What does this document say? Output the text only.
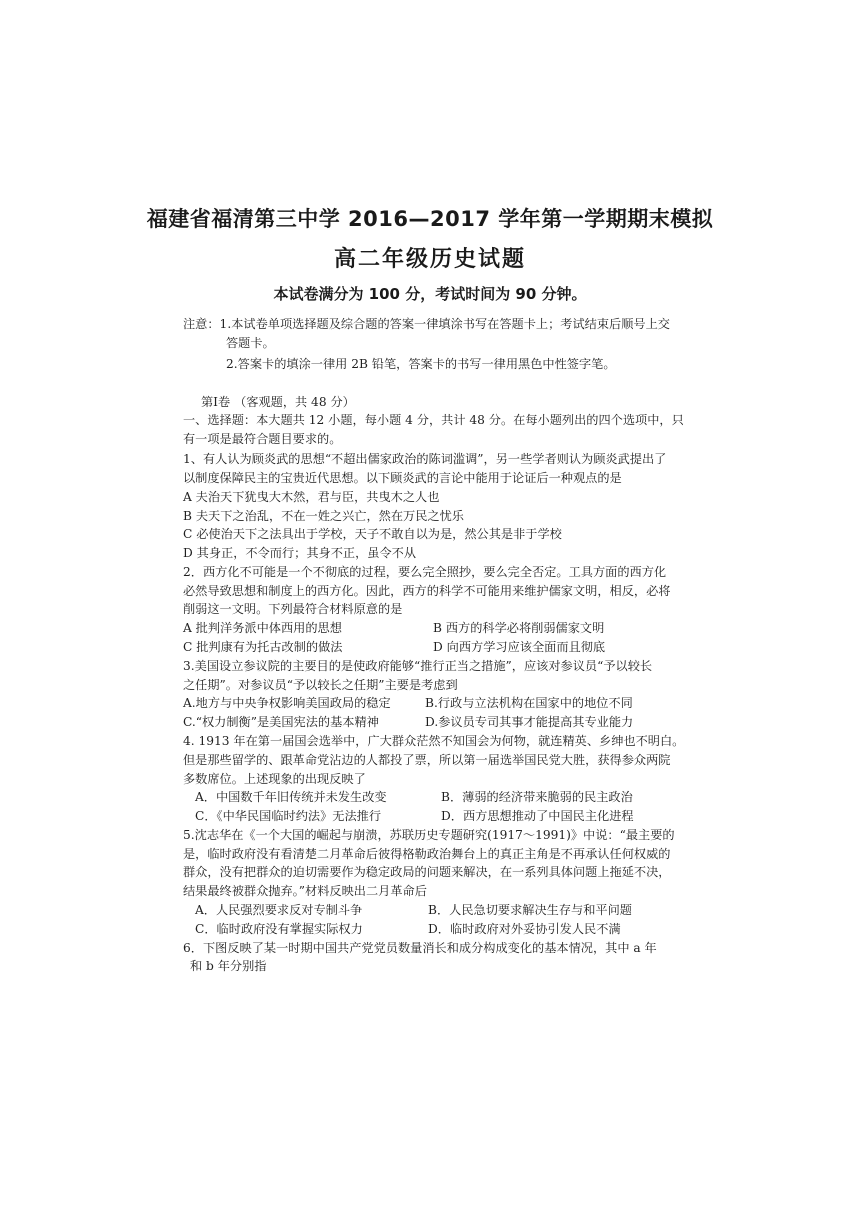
福建省福清第三中学 2016—2017 学年第一学期期末模拟
高二年级历史试题
本试卷满分为 100 分，考试时间为 90 分钟。
注意：1.本试卷单项选择题及综合题的答案一律填涂书写在答题卡上；考试结束后顺号上交
答题卡。
2.答案卡的填涂一律用 2B 铅笔，答案卡的书写一律用黑色中性签字笔。
第Ⅰ卷 （客观题，共 48 分）
一、选择题：本大题共 12 小题，每小题 4 分，共计 48 分。在每小题列出的四个选项中，只
有一项是最符合题目要求的。
1、有人认为顾炎武的思想“不超出儒家政治的陈词滥调”，另一些学者则认为顾炎武提出了
以制度保障民主的宝贵近代思想。以下顾炎武的言论中能用于论证后一种观点的是
A 夫治天下犹曳大木然，君与臣，共曳木之人也
B 夫天下之治乱，不在一姓之兴亡，然在万民之忧乐
C 必使治天下之法具出于学校，天子不敢自以为是，然公其是非于学校
D 其身正，不令而行；其身不正，虽令不从
2．西方化不可能是一个不彻底的过程，要么完全照抄，要么完全否定。工具方面的西方化
必然导致思想和制度上的西方化。因此，西方的科学不可能用来维护儒家文明，相反，必将
削弱这一文明。下列最符合材料原意的是
A 批判洋务派中体西用的思想	B 西方的科学必将削弱儒家文明
C 批判康有为托古改制的做法	D 向西方学习应该全面而且彻底
3.美国设立参议院的主要目的是使政府能够“推行正当之措施”，应该对参议员“予以较长
之任期”。对参议员“予以较长之任期”主要是考虑到
A.地方与中央争权影响美国政局的稳定	B.行政与立法机构在国家中的地位不同
C.“权力制衡”是美国宪法的基本精神	D.参议员专司其事才能提高其专业能力
4. 1913 年在第一届国会选举中，广大群众茫然不知国会为何物，就连精英、乡绅也不明白。
但是那些留学的、跟革命党沾边的人都投了票，所以第一届选举国民党大胜，获得参众两院
多数席位。上述现象的出现反映了
A．中国数千年旧传统并未发生改变	B．薄弱的经济带来脆弱的民主政治
C．《中华民国临时约法》无法推行	D．西方思想推动了中国民主化进程
5.沈志华在《一个大国的崛起与崩溃，苏联历史专题研究(1917～1991)》中说：“最主要的
是，临时政府没有看清楚二月革命后彼得格勒政治舞台上的真正主角是不再承认任何权威的
群众，没有把群众的迫切需要作为稳定政局的问题来解决，在一系列具体问题上拖延不决，
结果最终被群众抛弃。”材料反映出二月革命后
A．人民强烈要求反对专制斗争	B．人民急切要求解决生存与和平问题
C．临时政府没有掌握实际权力	D．临时政府对外妥协引发人民不满
6．下图反映了某一时期中国共产党党员数量消长和成分构成变化的基本情况，其中 a 年
和 b 年分别指
